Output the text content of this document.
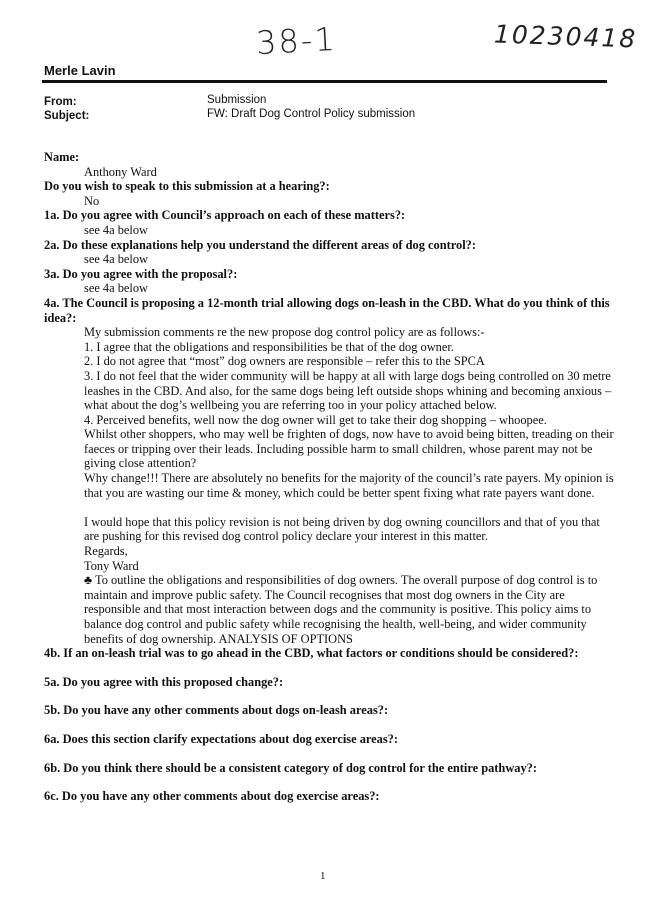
38-1	10230418
Merle Lavin
From:	Submission
Subject:	FW: Draft Dog Control Policy submission

Name:

Anthony Ward

Do you wish to speak to this submission at a hearing?:

No

1a. Do you agree with Council’s approach on each of these matters?:

see 4a below

2a. Do these explanations help you understand the different areas of dog control?:

see 4a below

3a. Do you agree with the proposal?:

see 4a below

4a. The Council is proposing a 12-month trial allowing dogs on-leash in the CBD. What do you think of this idea?:

My submission comments re the new propose dog control policy are as follows:-

1. I agree that the obligations and responsibilities be that of the dog owner.

2. I do not agree that “most” dog owners are responsible – refer this to the SPCA

3. I do not feel that the wider community will be happy at all with large dogs being controlled on 30 metre leashes in the CBD. And also, for the same dogs being left outside shops whining and becoming anxious – what about the dog’s wellbeing you are referring too in your policy attached below.

4. Perceived benefits, well now the dog owner will get to take their dog shopping – whoopee.

Whilst other shoppers, who may well be frighten of dogs, now have to avoid being bitten, treading on their faeces or tripping over their leads. Including possible harm to small children, whose parent may not be giving close attention?

Why change!!! There are absolutely no benefits for the majority of the council’s rate payers. My opinion is that you are wasting our time & money, which could be better spent fixing what rate payers want done.

I would hope that this policy revision is not being driven by dog owning councillors and that of you that are pushing for this revised dog control policy declare your interest in this matter.

Regards,

Tony Ward

♣ To outline the obligations and responsibilities of dog owners. The overall purpose of dog control is to maintain and improve public safety. The Council recognises that most dog owners in the City are responsible and that most interaction between dogs and the community is positive. This policy aims to balance dog control and public safety while recognising the health, well-being, and wider community benefits of dog ownership. ANALYSIS OF OPTIONS

4b. If an on-leash trial was to go ahead in the CBD, what factors or conditions should be considered?:

5a. Do you agree with this proposed change?:

5b. Do you have any other comments about dogs on-leash areas?:

6a. Does this section clarify expectations about dog exercise areas?:

6b. Do you think there should be a consistent category of dog control for the entire pathway?:

6c. Do you have any other comments about dog exercise areas?:

1
